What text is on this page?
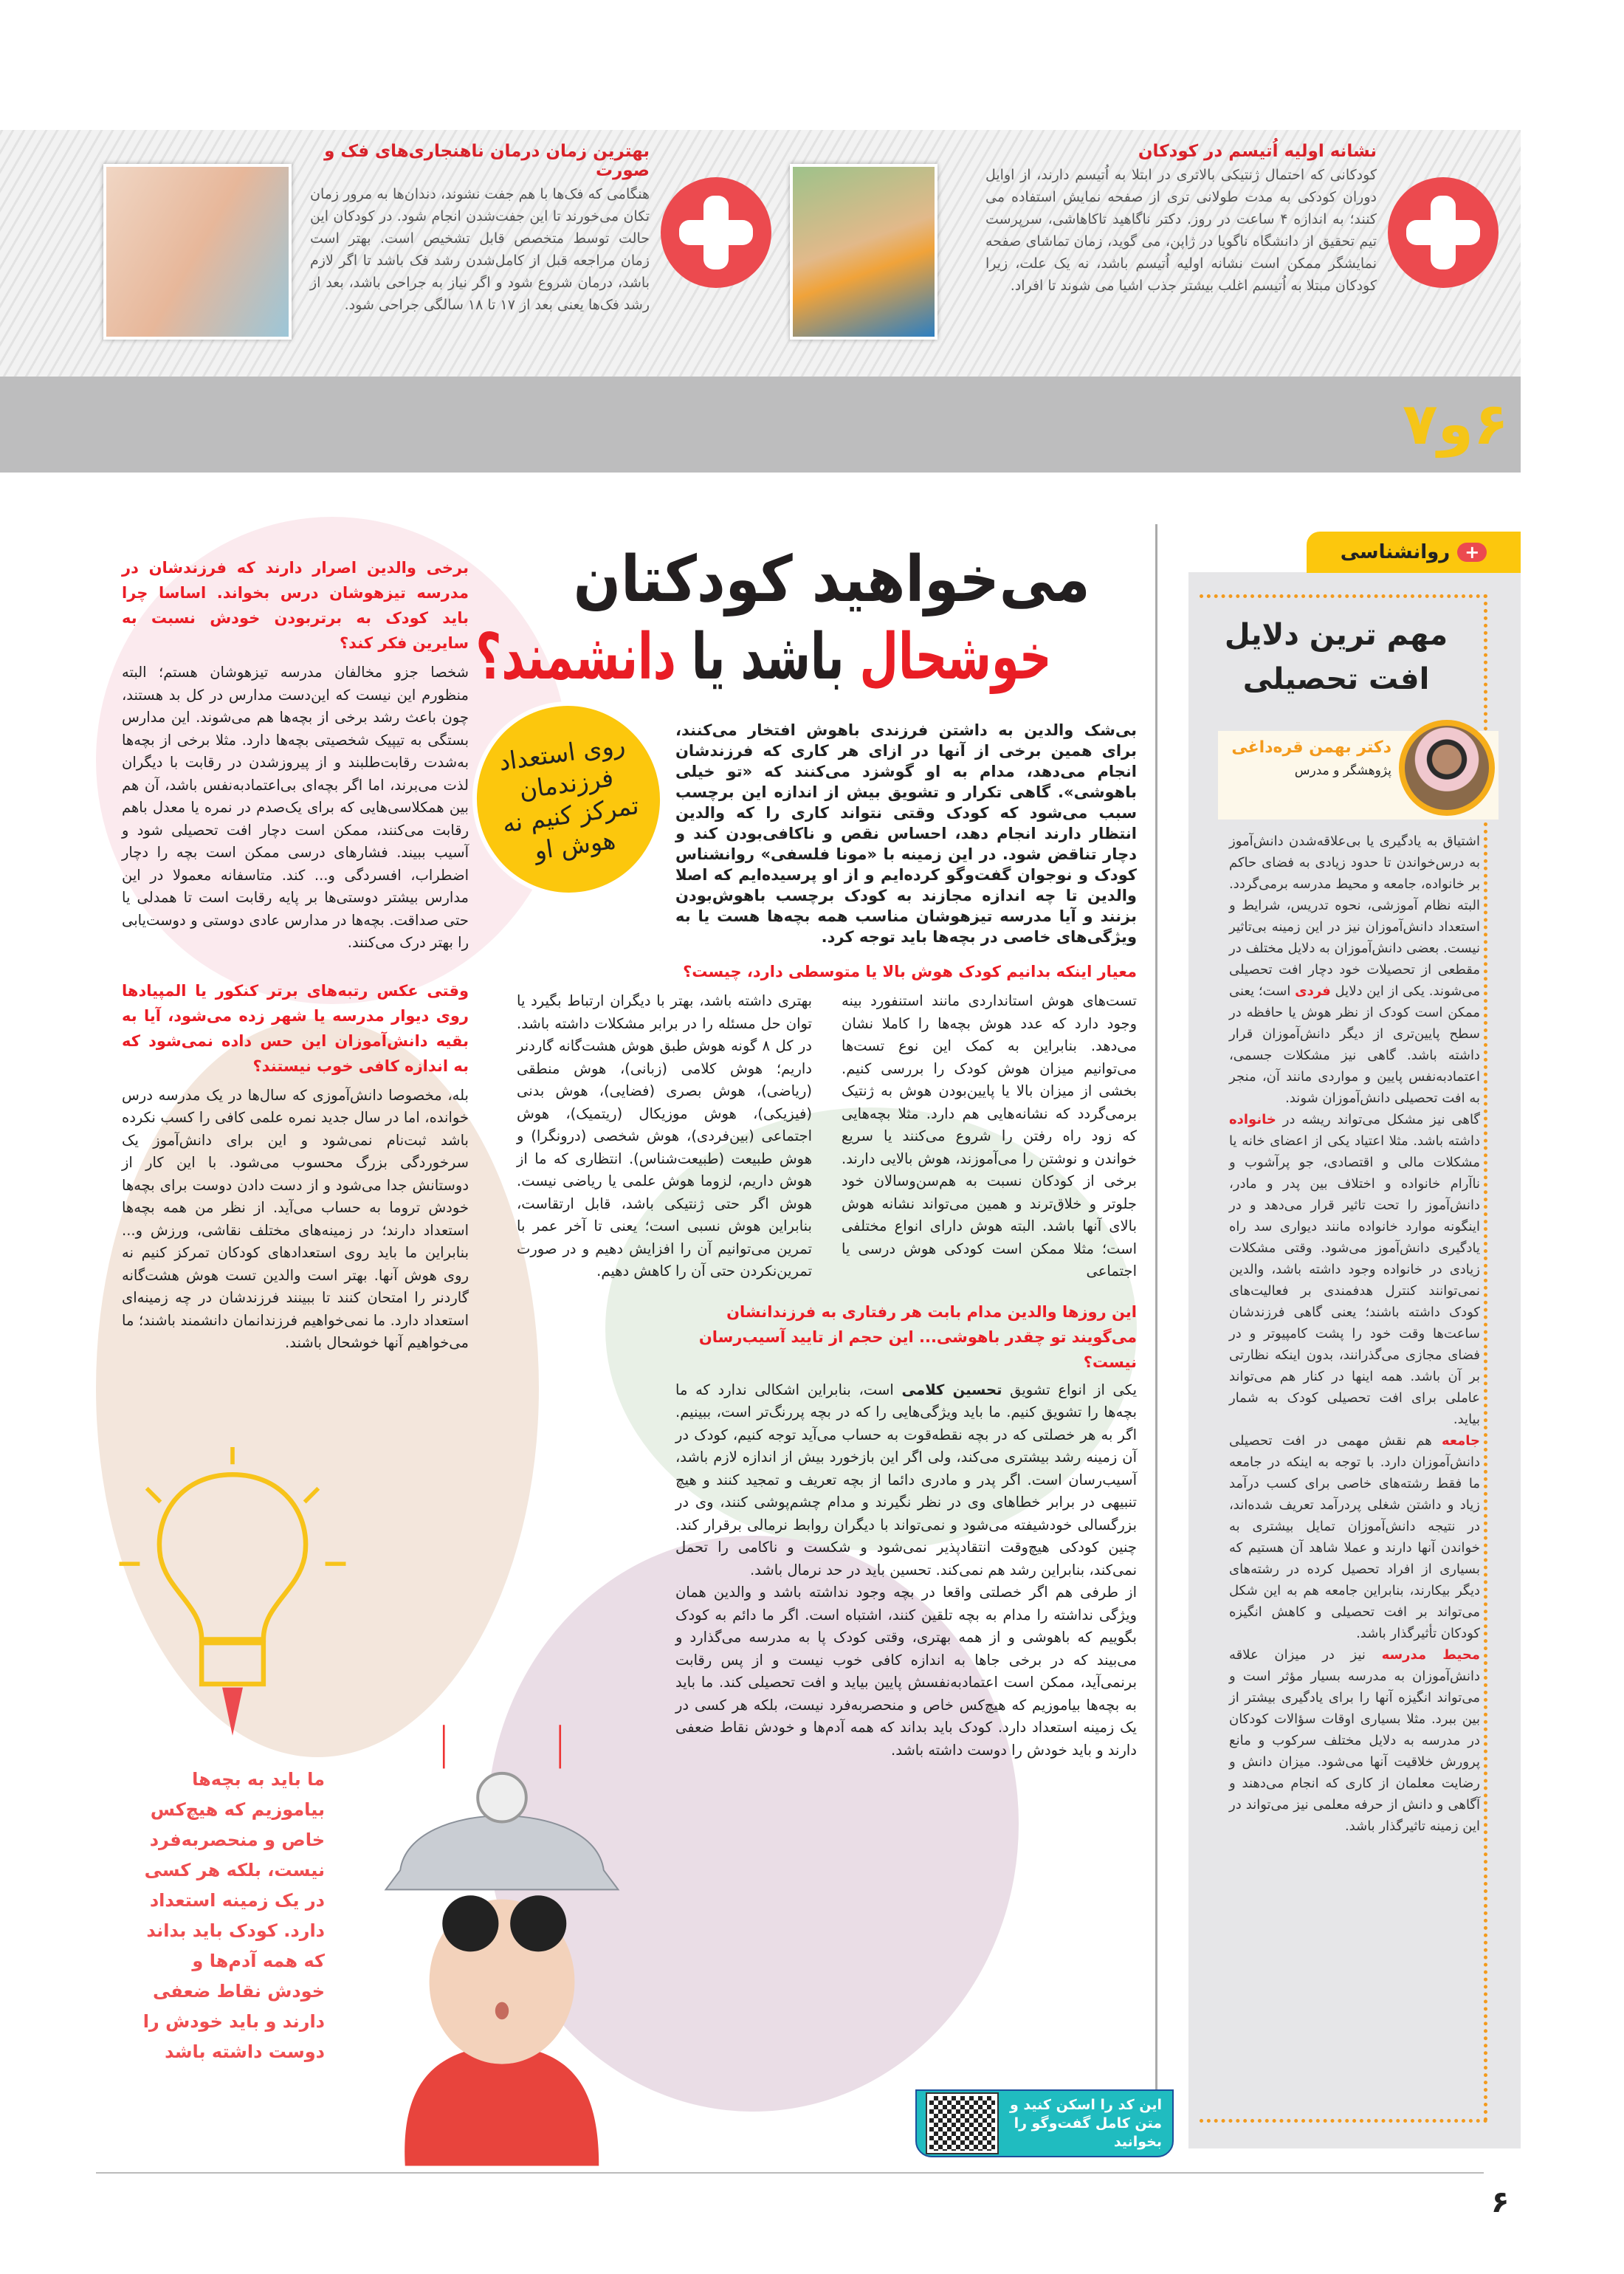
نشانه اولیه اُتیسم در کودکان
کودکانی که احتمال ژنتیکی بالاتری در ابتلا به اُتیسم دارند، از اوایل دوران کودکی به مدت طولانی تری از صفحه نمایش استفاده می کنند؛ به اندازه ۴ ساعت در روز. دکتر ناگاهید تاکاهاشی، سرپرست تیم تحقیق از دانشگاه ناگویا در ژاپن، می گوید، زمان تماشای صفحه نمایشگر ممکن است نشانه اولیه اُتیسم باشد، نه یک علت، زیرا کودکان مبتلا به اُتیسم اغلب بیشتر جذب اشیا می شوند تا افراد.
بهترین زمان درمان ناهنجاری‌های فک و صورت
هنگامی که فک‌ها با هم جفت نشوند، دندان‌ها به مرور زمان تکان می‌خورند تا این جفت‌شدن انجام شود. در کودکان این حالت توسط متخصص قابل تشخیص است. بهتر است زمان مراجعه قبل از کامل‌شدن رشد فک باشد تا اگر لازم باشد، درمان شروع شود و اگر نیاز به جراحی باشد، بعد از رشد فک‌ها یعنی بعد از ۱۷ تا ۱۸ سالگی جراحی شود.
۶و۷
+
روانشناسی
مهم ترین دلایل
افت تحصیلی
دکتر بهمن قره‌داغی
پژوهشگر و مدرس

اشتیاق به یادگیری یا بی‌علاقه‌شدن دانش‌آموز به درس‌خواندن تا حدود زیادی به فضای حاکم بر خانواده، جامعه و محیط مدرسه برمی‌گردد. البته نظام آموزشی، نحوه تدریس، شرایط و استعداد دانش‌آموزان نیز در این زمینه بی‌تاثیر نیست. بعضی دانش‌آموزان به دلایل مختلف در مقطعی از تحصیلات خود دچار افت تحصیلی می‌شوند. یکی از این دلایل فردی است؛ یعنی ممکن است کودک از نظر هوش یا حافظه در سطح پایین‌تری از دیگر دانش‌آموزان قرار داشته باشد. گاهی نیز مشکلات جسمی، اعتمادبه‌نفس پایین و مواردی مانند آن، منجر به افت تحصیلی دانش‌آموزان شوند.

گاهی نیز مشکل می‌تواند ریشه در خانواده داشته باشد. مثلا اعتیاد یکی از اعضای خانه یا مشکلات مالی و اقتصادی، جو پرآشوب و ناآرام خانواده و اختلاف بین پدر و مادر، دانش‌آموز را تحت تاثیر قرار می‌دهد و در اینگونه موارد خانواده مانند دیواری سد راه یادگیری دانش‌آموز می‌شود. وقتی مشکلات زیادی در خانواده وجود داشته باشد، والدین نمی‌توانند کنترل هدفمندی بر فعالیت‌های کودک داشته باشند؛ یعنی گاهی فرزندشان ساعت‌ها وقت خود را پشت کامپیوتر و در فضای مجازی می‌گذرانند، بدون اینکه نظارتی بر آن باشد. همه اینها در کنار هم می‌تواند عاملی برای افت تحصیلی کودک به شمار بیاید.

جامعه هم نقش مهمی در افت تحصیلی دانش‌آموزان دارد. با توجه به اینکه در جامعه ما فقط رشته‌های خاصی برای کسب درآمد زیاد و داشتن شغلی پردرآمد تعریف شده‌اند، در نتیجه دانش‌آموزان تمایل بیشتری به خواندن آنها دارند و عملا شاهد آن هستیم که بسیاری از افراد تحصیل کرده در رشته‌های دیگر بیکارند، بنابراین جامعه هم به این شکل می‌تواند بر افت تحصیلی و کاهش انگیزه کودکان تأثیرگذار باشد.

محیط مدرسه نیز در میزان علاقه دانش‌آموزان به مدرسه بسیار مؤثر است و می‌تواند انگیزه آنها را برای یادگیری بیشتر از بین ببرد. مثلا بسیاری اوقات سؤالات کودکان در مدرسه به دلایل مختلف سرکوب و مانع پرورش خلاقیت آنها می‌شود. میزان دانش و رضایت معلمان از کاری که انجام می‌دهند و آگاهی و دانش از حرفه معلمی نیز می‌تواند در این زمینه تاثیرگذار باشد.

می‌خواهید کودکتان
خوشحال باشد یا دانشمند؟
روی استعداد فرزندمان تمرکز کنیم نه هوش او
بی‌شک والدین به داشتن فرزندی باهوش افتخار می‌کنند، برای همین برخی از آنها در ازای هر کاری که فرزندشان انجام می‌دهد، مدام به او گوشزد می‌کنند که «تو خیلی باهوشی». گاهی تکرار و تشویق بیش از اندازه این برچسب سبب می‌شود که کودک وقتی نتواند کاری را که والدین انتظار دارند انجام دهد، احساس نقص و ناکافی‌بودن کند و دچار تناقض شود. در این زمینه با «مونا فلسفی» روانشناس کودک و نوجوان گفت‌وگو کرده‌ایم و از او پرسیده‌ایم که اصلا والدین تا چه اندازه مجازند به کودک برچسب باهوش‌بودن بزنند و آیا مدرسه تیزهوشان مناسب همه بچه‌ها هست یا به ویژگی‌های خاصی در بچه‌ها باید توجه کرد.
معیار اینکه بدانیم کودک هوش بالا یا متوسطی دارد، چیست؟
تست‌های هوش استانداردی مانند استنفورد بینه وجود دارد که عدد هوش بچه‌ها را کاملا نشان می‌دهد. بنابراین به کمک این نوع تست‌ها می‌توانیم میزان هوش کودک را بررسی کنیم. بخشی از میزان بالا یا پایین‌بودن هوش به ژنتیک برمی‌گردد که نشانه‌هایی هم دارد. مثلا بچه‌هایی که زود راه رفتن را شروع می‌کنند یا سریع خواندن و نوشتن را می‌آموزند، هوش بالایی دارند. برخی از کودکان نسبت به هم‌سن‌وسالان خود جلوتر و خلاق‌ترند و همین می‌تواند نشانه هوش بالای آنها باشد. البته هوش دارای انواع مختلفی است؛ مثلا ممکن است کودکی هوش درسی یا اجتماعی
بهتری داشته باشد، بهتر با دیگران ارتباط بگیرد یا توان حل مسئله را در برابر مشکلات داشته باشد. در کل ۸ گونه هوش طبق هوش هشت‌گانه گاردنر داریم؛ هوش کلامی (زبانی)، هوش منطقی (ریاضی)، هوش بصری (فضایی)، هوش بدنی (فیزیکی)، هوش موزیکال (ریتمیک)، هوش اجتماعی (بین‌فردی)، هوش شخصی (درونگرا) و هوش طبیعت (طبیعت‌شناس). انتظاری که ما از هوش داریم، لزوما هوش علمی یا ریاضی نیست. هوش اگر حتی ژنتیکی باشد، قابل ارتقاست، بنابراین هوش نسبی است؛ یعنی تا آخر عمر با تمرین می‌توانیم آن را افزایش دهیم و در صورت تمرین‌نکردن حتی آن را کاهش دهیم.
این روزها والدین مدام بابت هر رفتاری به فرزندانشان می‌گویند تو چقدر باهوشی... این حجم از تایید آسیب‌رسان نیست؟

یکی از انواع تشویق تحسین کلامی است، بنابراین اشکالی ندارد که ما بچه‌ها را تشویق کنیم. ما باید ویژگی‌هایی را که در بچه پررنگ‌تر است، ببینیم. اگر به هر خصلتی که در بچه نقطه‌قوت به حساب می‌آید توجه کنیم، کودک در آن زمینه رشد بیشتری می‌کند، ولی اگر این بازخورد بیش از اندازه لازم باشد، آسیب‌رسان است. اگر پدر و مادری دائما از بچه تعریف و تمجید کنند و هیچ تنبیهی در برابر خطاهای وی در نظر نگیرند و مدام چشم‌پوشی کنند، وی در بزرگسالی خودشیفته می‌شود و نمی‌تواند با دیگران روابط نرمالی برقرار کند. چنین کودکی هیچ‌وقت انتقادپذیر نمی‌شود و شکست و ناکامی را تحمل نمی‌کند، بنابراین رشد هم نمی‌کند. تحسین باید در حد نرمال باشد.

از طرفی هم اگر خصلتی واقعا در بچه وجود نداشته باشد و والدین همان ویژگی نداشته را مدام به بچه تلقین کنند، اشتباه است. اگر ما دائم به کودک بگوییم که باهوشی و از همه بهتری، وقتی کودک پا به مدرسه می‌گذارد و می‌بیند که در برخی جاها به اندازه کافی خوب نیست و از پس رقابت برنمی‌آید، ممکن است اعتمادبه‌نفسش پایین بیاید و افت تحصیلی کند. ما باید به بچه‌ها بیاموزیم که هیچ‌کس خاص و منحصربه‌فرد نیست، بلکه هر کسی در یک زمینه استعداد دارد. کودک باید بداند که همه آدم‌ها و خودش نقاط ضعفی دارند و باید خودش را دوست داشته باشد.

برخی والدین اصرار دارند که فرزندشان در مدرسه تیزهوشان درس بخواند. اساسا چرا باید کودک به برتربودن خودش نسبت به سایرین فکر کند؟
شخصا جزو مخالفان مدرسه تیزهوشان هستم؛ البته منظورم این نیست که این‌دست مدارس در کل بد هستند، چون باعث رشد برخی از بچه‌ها هم می‌شوند. این مدارس بستگی به تیپیک شخصیتی بچه‌ها دارد. مثلا برخی از بچه‌ها به‌شدت رقابت‌طلبند و از پیروزشدن در رقابت با دیگران لذت می‌برند، اما اگر بچه‌ای بی‌اعتمادبه‌نفس باشد، آن هم بین همکلاسی‌هایی که برای یک‌صدم در نمره یا معدل باهم رقابت می‌کنند، ممکن است دچار افت تحصیلی شود و آسیب ببیند. فشارهای درسی ممکن است بچه را دچار اضطراب، افسردگی و... کند. متاسفانه معمولا در این مدارس بیشتر دوستی‌ها بر پایه رقابت است تا همدلی یا حتی صداقت. بچه‌ها در مدارس عادی دوستی و دوست‌یابی را بهتر درک می‌کنند.
وقتی عکس رتبه‌های برتر کنکور یا المپیادها روی دیوار مدرسه یا شهر زده می‌شود، آیا به بقیه دانش‌آموزان این حس داده نمی‌شود که به اندازه کافی خوب نیستند؟
بله، مخصوصا دانش‌آموزی که سال‌ها در یک مدرسه درس خوانده، اما در سال جدید نمره علمی کافی را کسب نکرده باشد ثبت‌نام نمی‌شود و این برای دانش‌آموز یک سرخوردگی بزرگ محسوب می‌شود. با این کار از دوستانش جدا می‌شود و از دست دادن دوست برای بچه‌ها خودش تروما به حساب می‌آید. از نظر من همه بچه‌ها استعداد دارند؛ در زمینه‌های مختلف نقاشی، ورزش و... بنابراین ما باید روی استعدادهای کودکان تمرکز کنیم نه روی هوش آنها. بهتر است والدین تست هوش هشت‌گانه گاردنر را امتحان کنند تا ببینند فرزندشان در چه زمینه‌ای استعداد دارد. ما نمی‌خواهیم فرزندانمان دانشمند باشند؛ ما می‌خواهیم آنها خوشحال باشند.
ما باید به بچه‌ها بیاموزیم که هیچ‌کس خاص و منحصربه‌فرد نیست، بلکه هر کسی در یک زمینه استعداد دارد. کودک باید بداند که همه آدم‌ها و خودش نقاط ضعفی دارند و باید خودش را دوست داشته باشد
این کد را اسکن کنید و متن کامل گفت‌وگو را بخوانید
۶
